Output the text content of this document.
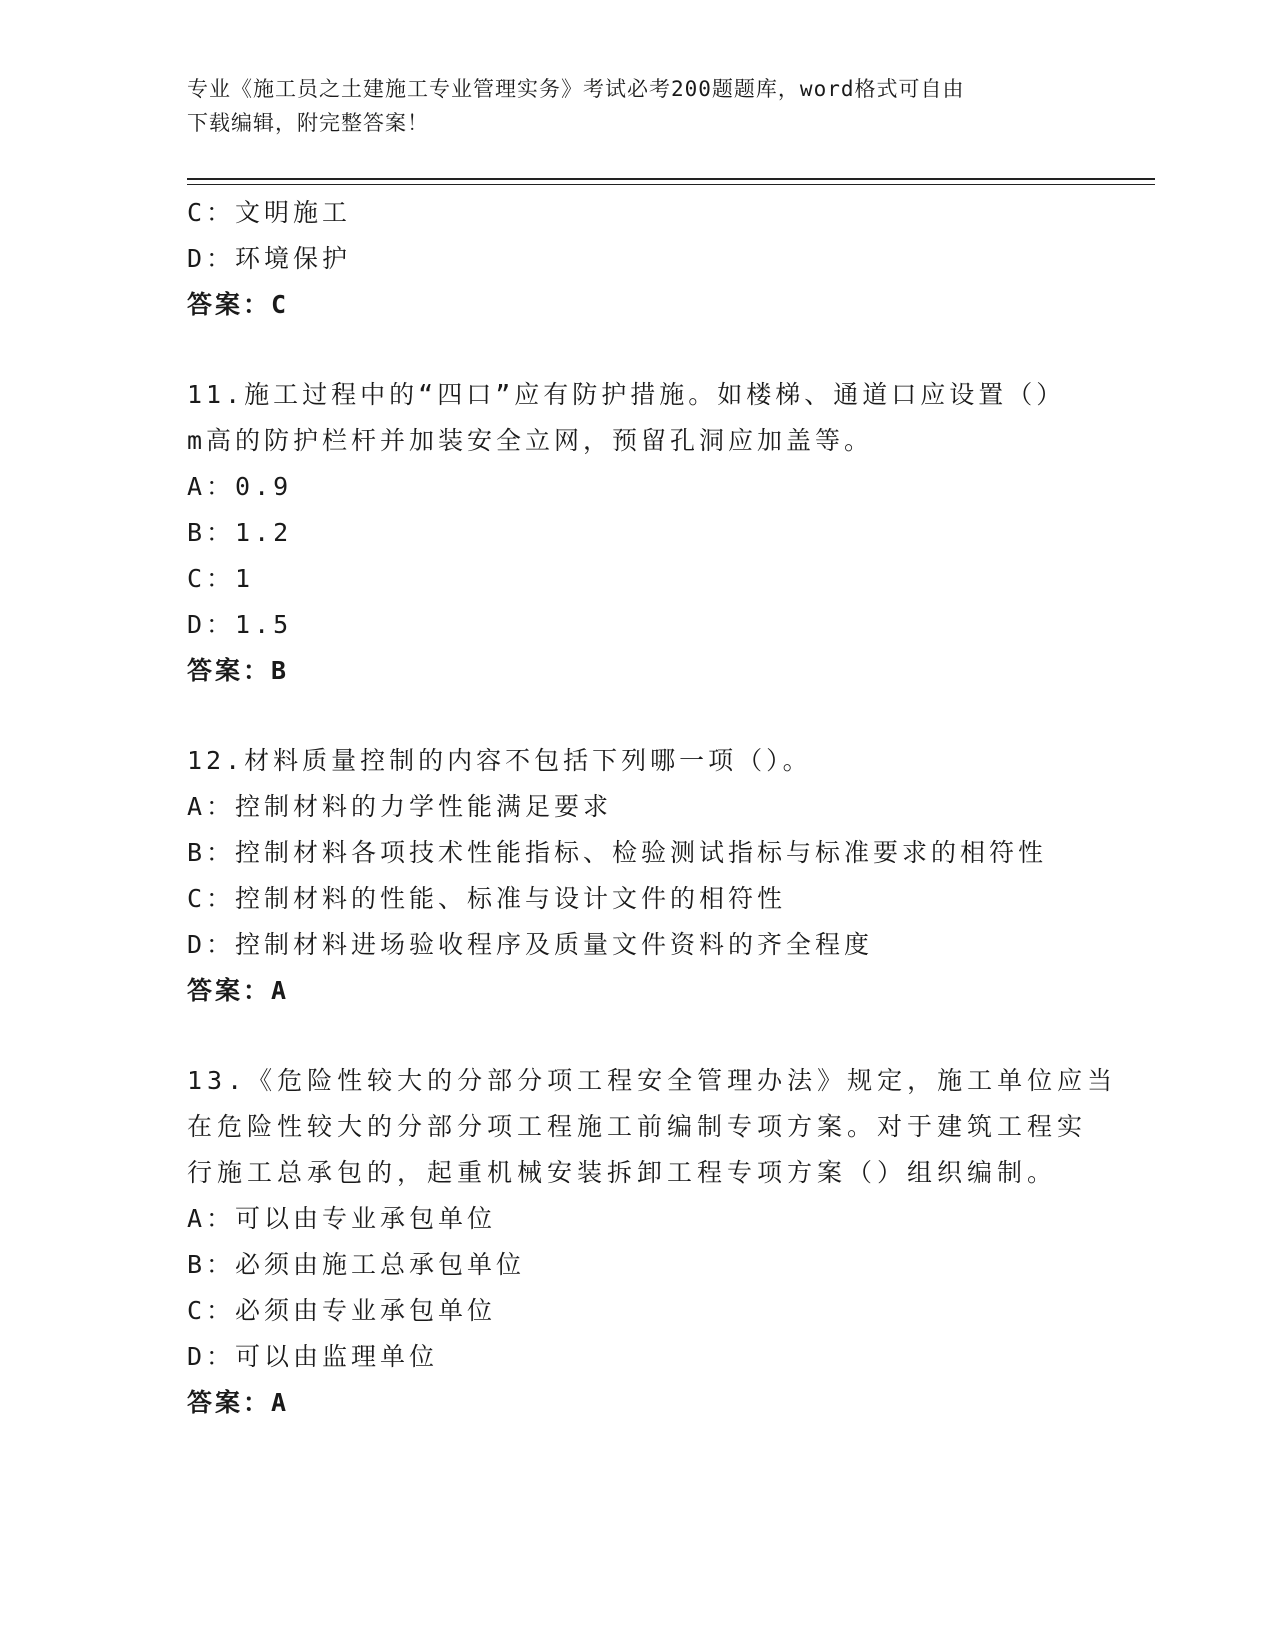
专业《施工员之土建施工专业管理实务》考试必考200题题库，word格式可自由
下载编辑，附完整答案！
C：文明施工
D：环境保护
答案：C
11.施工过程中的“四口”应有防护措施。如楼梯、通道口应设置（）
m高的防护栏杆并加装安全立网，预留孔洞应加盖等。
A：0.9
B：1.2
C：1
D：1.5
答案：B
12.材料质量控制的内容不包括下列哪一项（）。
A：控制材料的力学性能满足要求
B：控制材料各项技术性能指标、检验测试指标与标准要求的相符性
C：控制材料的性能、标准与设计文件的相符性
D：控制材料进场验收程序及质量文件资料的齐全程度
答案：A
13.《危险性较大的分部分项工程安全管理办法》规定，施工单位应当
在危险性较大的分部分项工程施工前编制专项方案。对于建筑工程实
行施工总承包的，起重机械安装拆卸工程专项方案（）组织编制。
A：可以由专业承包单位
B：必须由施工总承包单位
C：必须由专业承包单位
D：可以由监理单位
答案：A
